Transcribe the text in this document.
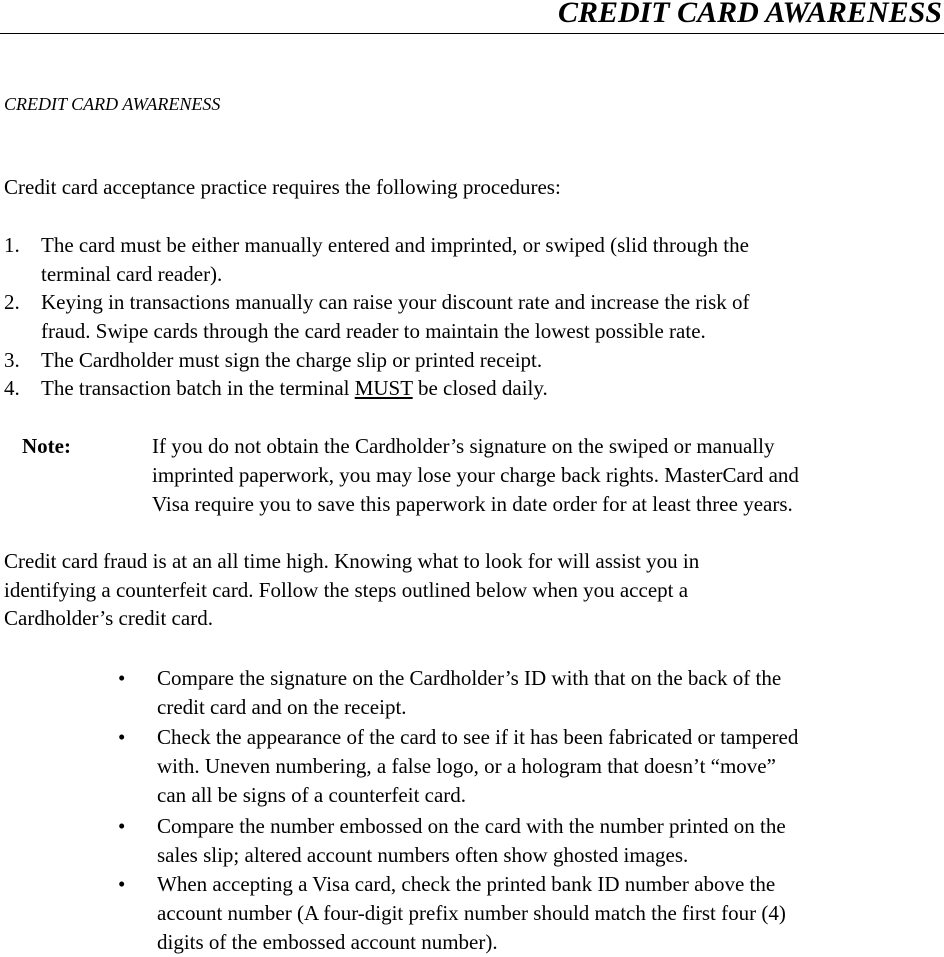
CREDIT CARD AWARENESS
CREDIT CARD AWARENESS
Credit card acceptance practice requires the following procedures:
1. The card must be either manually entered and imprinted, or swiped (slid through the
terminal card reader).
2. Keying in transactions manually can raise your discount rate and increase the risk of
fraud. Swipe cards through the card reader to maintain the lowest possible rate.
3. The Cardholder must sign the charge slip or printed receipt.
4. The transaction batch in the terminal MUST be closed daily.
Note:	If you do not obtain the Cardholder’s signature on the swiped or manually
imprinted paperwork, you may lose your charge back rights. MasterCard and
Visa require you to save this paperwork in date order for at least three years.
Credit card fraud is at an all time high. Knowing what to look for will assist you in
identifying a counterfeit card. Follow the steps outlined below when you accept a
Cardholder’s credit card.
• Compare the signature on the Cardholder’s ID with that on the back of the
credit card and on the receipt.
• Check the appearance of the card to see if it has been fabricated or tampered
with. Uneven numbering, a false logo, or a hologram that doesn’t “move”
can all be signs of a counterfeit card.
• Compare the number embossed on the card with the number printed on the
sales slip; altered account numbers often show ghosted images.
• When accepting a Visa card, check the printed bank ID number above the
account number (A four-digit prefix number should match the first four (4)
digits of the embossed account number).
